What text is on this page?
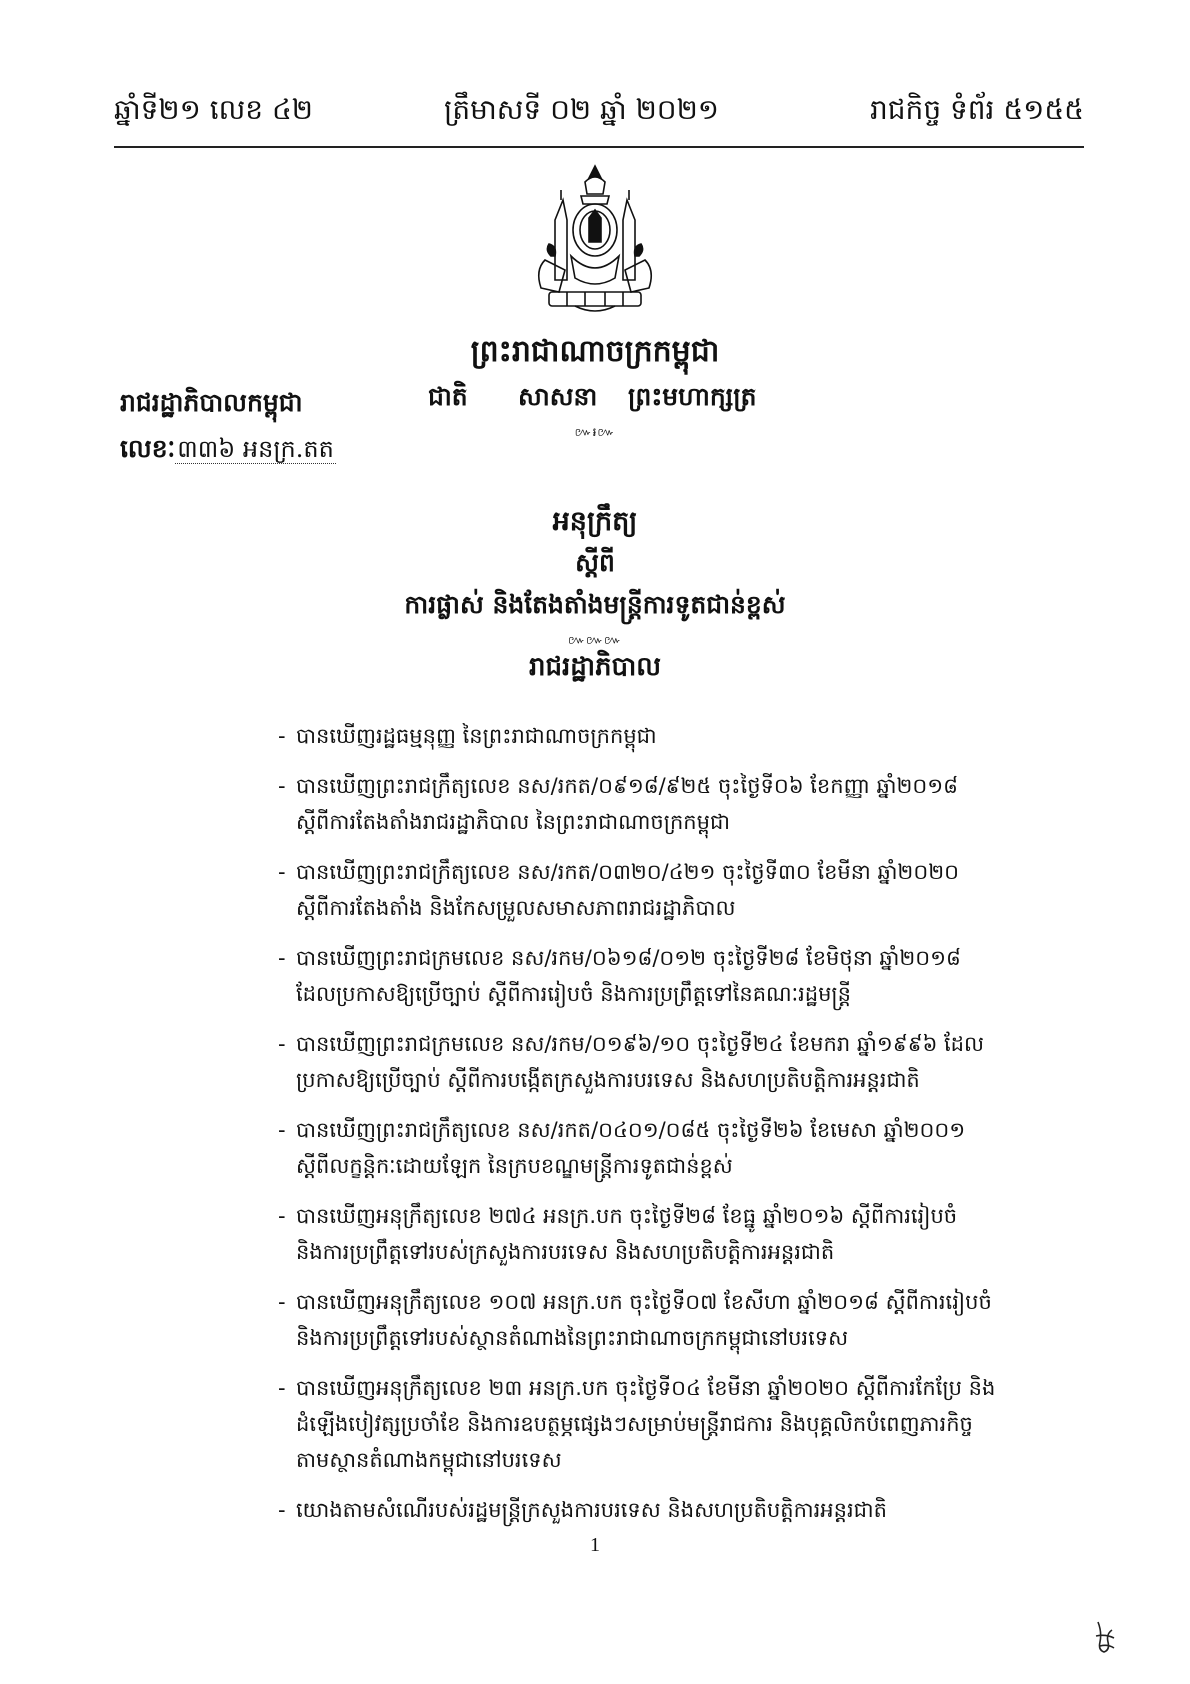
ឆ្នាំទី២១ លេខ ៤២	ត្រឹមាសទី ០២ ឆ្នាំ ២០២១	រាជកិច្ច ទំព័រ ៥១៥៥
ព្រះរាជាណាចក្រកម្ពុជា
ជាតិ សាសនា ព្រះមហាក្សត្រ
៚៛៚
រាជរដ្ឋាភិបាលកម្ពុជា
លេខៈ៣៣៦ អនក្រ.តត
អនុក្រឹត្យ
ស្តីពី
ការផ្លាស់ និងតែងតាំងមន្ត្រីការទូតជាន់ខ្ពស់
៚៚៚
រាជរដ្ឋាភិបាល
- បានឃើញរដ្ឋធម្មនុញ្ញ នៃព្រះរាជាណាចក្រកម្ពុជា
- បានឃើញព្រះរាជក្រឹត្យលេខ នស/រកត/០៩១៨/៩២៥ ចុះថ្ងៃទី០៦ ខែកញ្ញា ឆ្នាំ២០១៨
ស្តីពីការតែងតាំងរាជរដ្ឋាភិបាល នៃព្រះរាជាណាចក្រកម្ពុជា
- បានឃើញព្រះរាជក្រឹត្យលេខ នស/រកត/០៣២០/៤២១ ចុះថ្ងៃទី៣០ ខែមីនា ឆ្នាំ២០២០
ស្តីពីការតែងតាំង និងកែសម្រួលសមាសភាពរាជរដ្ឋាភិបាល
- បានឃើញព្រះរាជក្រមលេខ នស/រកម/០៦១៨/០១២ ចុះថ្ងៃទី២៨ ខែមិថុនា ឆ្នាំ២០១៨
ដែលប្រកាសឱ្យប្រើច្បាប់ ស្តីពីការរៀបចំ និងការប្រព្រឹត្តទៅនៃគណៈរដ្ឋមន្ត្រី
- បានឃើញព្រះរាជក្រមលេខ នស/រកម/០១៩៦/១០ ចុះថ្ងៃទី២៤ ខែមករា ឆ្នាំ១៩៩៦ ដែល
ប្រកាសឱ្យប្រើច្បាប់ ស្តីពីការបង្កើតក្រសួងការបរទេស និងសហប្រតិបត្តិការអន្តរជាតិ
- បានឃើញព្រះរាជក្រឹត្យលេខ នស/រកត/០៤០១/០៨៥ ចុះថ្ងៃទី២៦ ខែមេសា ឆ្នាំ២០០១
ស្តីពីលក្ខន្តិកៈដោយឡែក នៃក្របខណ្ឌមន្ត្រីការទូតជាន់ខ្ពស់
- បានឃើញអនុក្រឹត្យលេខ ២៧៤ អនក្រ.បក ចុះថ្ងៃទី២៨ ខែធ្នូ ឆ្នាំ២០១៦ ស្តីពីការរៀបចំ
និងការប្រព្រឹត្តទៅរបស់ក្រសួងការបរទេស និងសហប្រតិបត្តិការអន្តរជាតិ
- បានឃើញអនុក្រឹត្យលេខ ១០៧ អនក្រ.បក ចុះថ្ងៃទី០៧ ខែសីហា ឆ្នាំ២០១៨ ស្តីពីការរៀបចំ
និងការប្រព្រឹត្តទៅរបស់ស្ថានតំណាងនៃព្រះរាជាណាចក្រកម្ពុជានៅបរទេស
- បានឃើញអនុក្រឹត្យលេខ ២៣ អនក្រ.បក ចុះថ្ងៃទី០៤ ខែមីនា ឆ្នាំ២០២០ ស្តីពីការកែប្រែ និង
ដំឡើងបៀវត្សប្រចាំខែ និងការឧបត្ថម្ភផ្សេងៗសម្រាប់មន្ត្រីរាជការ និងបុគ្គលិកបំពេញភារកិច្ច
តាមស្ថានតំណាងកម្ពុជានៅបរទេស
- យោងតាមសំណើរបស់រដ្ឋមន្ត្រីក្រសួងការបរទេស និងសហប្រតិបត្តិការអន្តរជាតិ
1
